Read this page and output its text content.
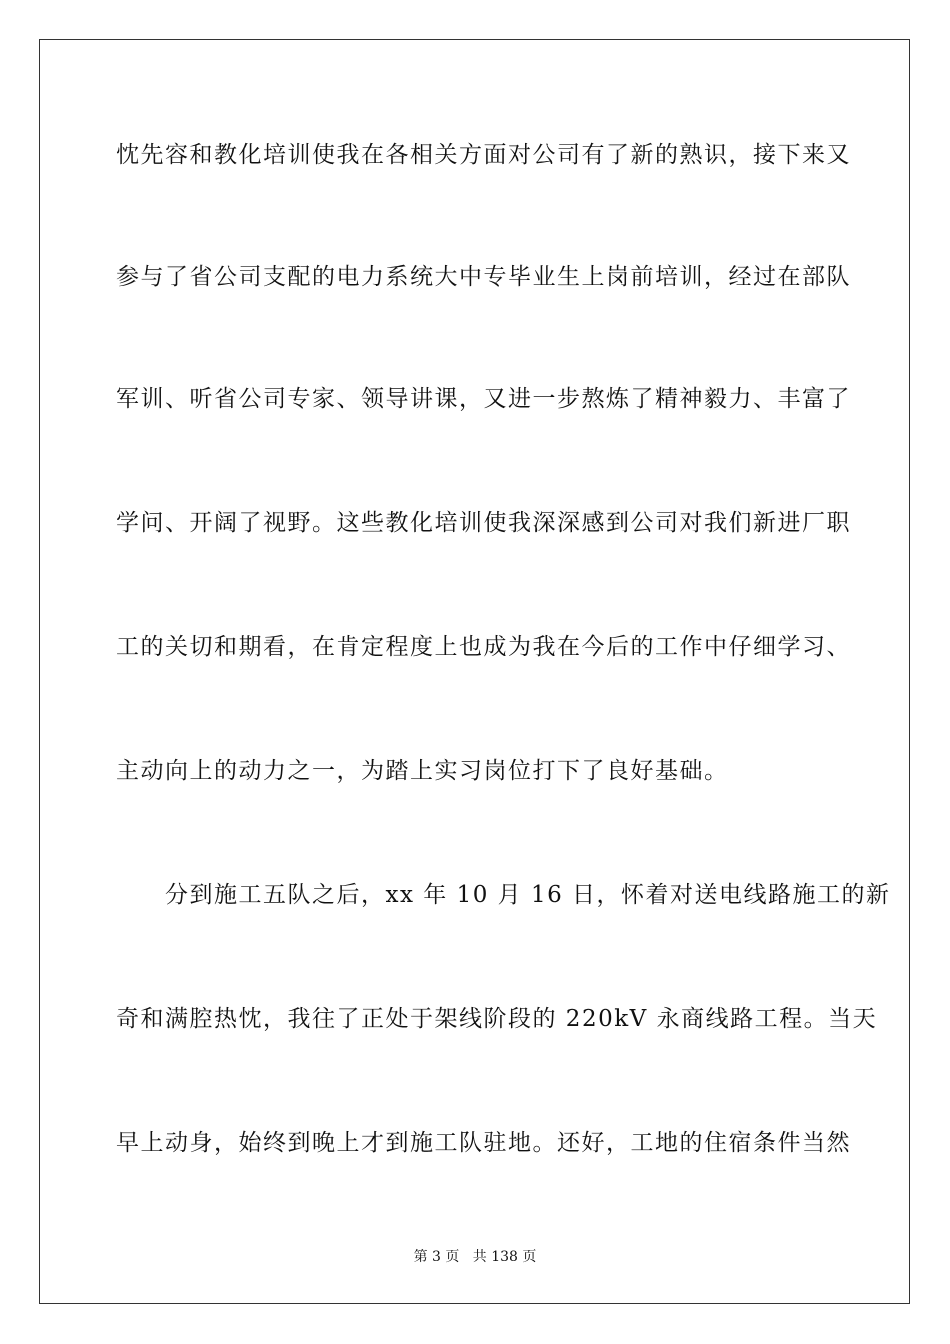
忱先容和教化培训使我在各相关方面对公司有了新的熟识，接下来又
参与了省公司支配的电力系统大中专毕业生上岗前培训，经过在部队
军训、听省公司专家、领导讲课，又进一步熬炼了精神毅力、丰富了
学问、开阔了视野。这些教化培训使我深深感到公司对我们新进厂职
工的关切和期看，在肯定程度上也成为我在今后的工作中仔细学习、
主动向上的动力之一，为踏上实习岗位打下了良好基础。
　　分到施工五队之后，xx 年 10 月 16 日，怀着对送电线路施工的新
奇和满腔热忱，我往了正处于架线阶段的 220kV 永商线路工程。当天
早上动身，始终到晚上才到施工队驻地。还好，工地的住宿条件当然
第 3 页 共 138 页
